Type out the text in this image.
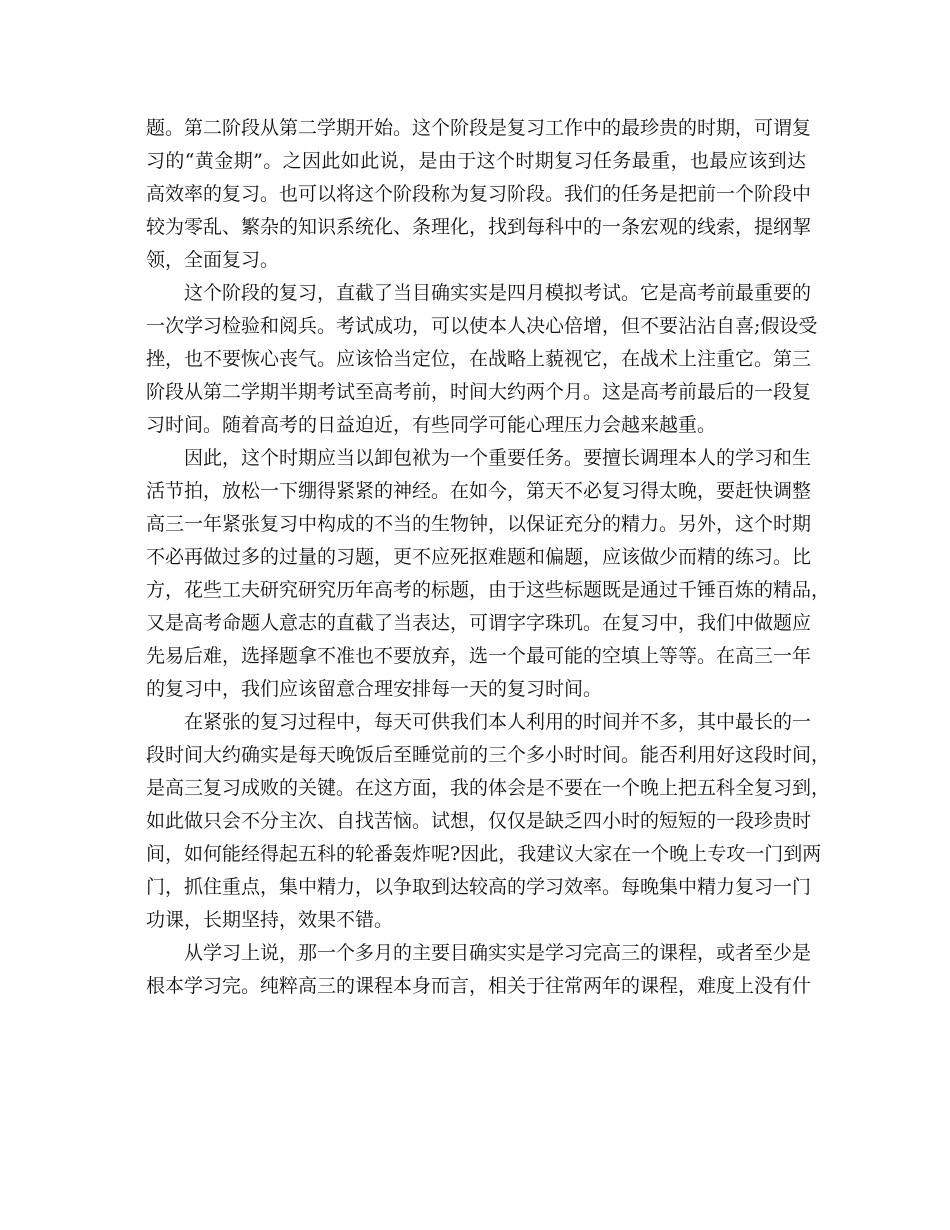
题。第二阶段从第二学期开始。这个阶段是复习工作中的最珍贵的时期，可谓复
习的“黄金期”。之因此如此说，是由于这个时期复习任务最重，也最应该到达
高效率的复习。也可以将这个阶段称为复习阶段。我们的任务是把前一个阶段中
较为零乱、繁杂的知识系统化、条理化，找到每科中的一条宏观的线索，提纲挈
领，全面复习。
这个阶段的复习，直截了当目确实实是四月模拟考试。它是高考前最重要的
一次学习检验和阅兵。考试成功，可以使本人决心倍增，但不要沾沾自喜;假设受
挫，也不要恢心丧气。应该恰当定位，在战略上藐视它，在战术上注重它。第三
阶段从第二学期半期考试至高考前，时间大约两个月。这是高考前最后的一段复
习时间。随着高考的日益迫近，有些同学可能心理压力会越来越重。
因此，这个时期应当以卸包袱为一个重要任务。要擅长调理本人的学习和生
活节拍，放松一下绷得紧紧的神经。在如今，第天不必复习得太晚，要赶快调整
高三一年紧张复习中构成的不当的生物钟，以保证充分的精力。另外，这个时期
不必再做过多的过量的习题，更不应死抠难题和偏题，应该做少而精的练习。比
方，花些工夫研究研究历年高考的标题，由于这些标题既是通过千锤百炼的精品，
又是高考命题人意志的直截了当表达，可谓字字珠玑。在复习中，我们中做题应
先易后难，选择题拿不准也不要放弃，选一个最可能的空填上等等。在高三一年
的复习中，我们应该留意合理安排每一天的复习时间。
在紧张的复习过程中，每天可供我们本人利用的时间并不多，其中最长的一
段时间大约确实是每天晚饭后至睡觉前的三个多小时时间。能否利用好这段时间，
是高三复习成败的关键。在这方面，我的体会是不要在一个晚上把五科全复习到，
如此做只会不分主次、自找苦恼。试想，仅仅是缺乏四小时的短短的一段珍贵时
间，如何能经得起五科的轮番轰炸呢?因此，我建议大家在一个晚上专攻一门到两
门，抓住重点，集中精力，以争取到达较高的学习效率。每晚集中精力复习一门
功课，长期坚持，效果不错。
从学习上说，那一个多月的主要目确实实是学习完高三的课程，或者至少是
根本学习完。纯粹高三的课程本身而言，相关于往常两年的课程，难度上没有什
